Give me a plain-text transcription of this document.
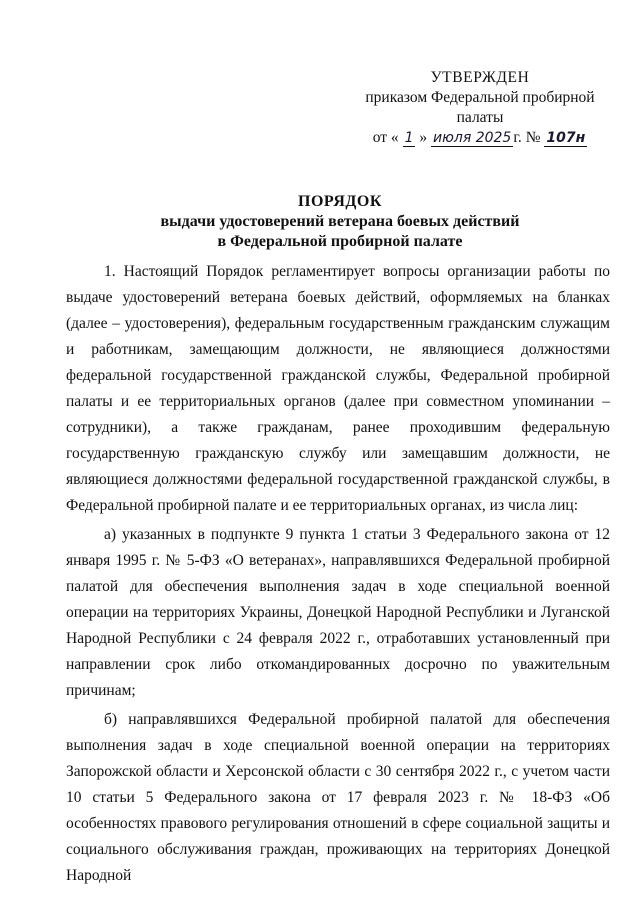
УТВЕРЖДЕН
приказом Федеральной пробирной
палаты
от « 1 » июля 2025 г. № 107н
ПОРЯДОК
выдачи удостоверений ветерана боевых действий
в Федеральной пробирной палате

1. Настоящий Порядок регламентирует вопросы организации работы по выдаче удостоверений ветерана боевых действий, оформляемых на бланках (далее – удостоверения), федеральным государственным гражданским служащим и работникам, замещающим должности, не являющиеся должностями федеральной государственной гражданской службы, Федеральной пробирной палаты и ее территориальных органов (далее при совместном упоминании – сотрудники), а также гражданам, ранее проходившим федеральную государственную гражданскую службу или замещавшим должности, не являющиеся должностями федеральной государственной гражданской службы, в Федеральной пробирной палате и ее территориальных органах, из числа лиц:

а) указанных в подпункте 9 пункта 1 статьи 3 Федерального закона от 12 января 1995 г. № 5-ФЗ «О ветеранах», направлявшихся Федеральной пробирной палатой для обеспечения выполнения задач в ходе специальной военной операции на территориях Украины, Донецкой Народной Республики и Луганской Народной Республики с 24 февраля 2022 г., отработавших установленный при направлении срок либо откомандированных досрочно по уважительным причинам;

б) направлявшихся Федеральной пробирной палатой для обеспечения выполнения задач в ходе специальной военной операции на территориях Запорожской области и Херсонской области с 30 сентября 2022 г., с учетом части 10 статьи 5 Федерального закона от 17 февраля 2023 г. № 18-ФЗ «Об особенностях правового регулирования отношений в сфере социальной защиты и социального обслуживания граждан, проживающих на территориях Донецкой Народной
